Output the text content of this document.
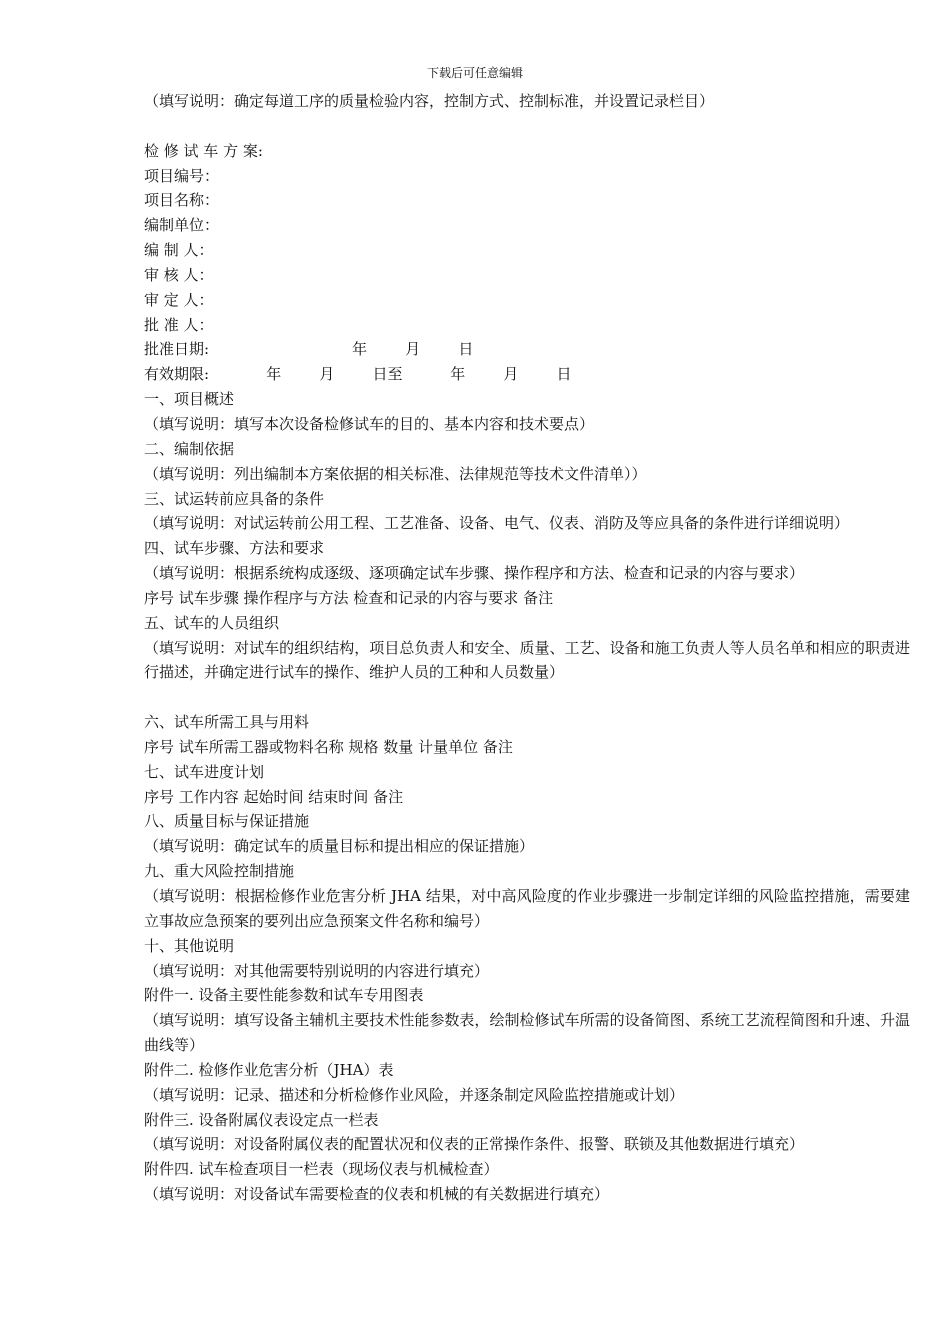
下载后可任意编辑
（填写说明：确定每道工序的质量检验内容，控制方式、控制标准，并设置记录栏目）
检 修 试 车 方 案:
项目编号：
项目名称：
编制单位：
编 制 人：
审 核 人：
审 定 人：
批 准 人：
批准日期:                              年        月        日
有效期限:            年        月        日至          年        月        日
一、项目概述
（填写说明：填写本次设备检修试车的目的、基本内容和技术要点）
二、编制依据
（填写说明：列出编制本方案依据的相关标准、法律规范等技术文件清单））
三、试运转前应具备的条件
（填写说明：对试运转前公用工程、工艺准备、设备、电气、仪表、消防及等应具备的条件进行详细说明）
四、试车步骤、方法和要求
（填写说明：根据系统构成逐级、逐项确定试车步骤、操作程序和方法、检查和记录的内容与要求）
序号 试车步骤 操作程序与方法 检查和记录的内容与要求 备注
五、试车的人员组织
（填写说明：对试车的组织结构，项目总负责人和安全、质量、工艺、设备和施工负责人等人员名单和相应的职责进行描述，并确定进行试车的操作、维护人员的工种和人员数量）
六、试车所需工具与用料
序号 试车所需工器或物料名称 规格 数量 计量单位 备注
七、试车进度计划
序号 工作内容 起始时间 结束时间 备注
八、质量目标与保证措施
（填写说明：确定试车的质量目标和提出相应的保证措施）
九、重大风险控制措施
（填写说明：根据检修作业危害分析 JHA 结果，对中高风险度的作业步骤进一步制定详细的风险监控措施，需要建立事故应急预案的要列出应急预案文件名称和编号）
十、其他说明
（填写说明：对其他需要特别说明的内容进行填充）
附件一. 设备主要性能参数和试车专用图表
（填写说明：填写设备主辅机主要技术性能参数表，绘制检修试车所需的设备简图、系统工艺流程简图和升速、升温曲线等）
附件二. 检修作业危害分析（JHA）表
（填写说明：记录、描述和分析检修作业风险，并逐条制定风险监控措施或计划）
附件三. 设备附属仪表设定点一栏表
（填写说明：对设备附属仪表的配置状况和仪表的正常操作条件、报警、联锁及其他数据进行填充）
附件四. 试车检查项目一栏表（现场仪表与机械检查）
（填写说明：对设备试车需要检查的仪表和机械的有关数据进行填充）
